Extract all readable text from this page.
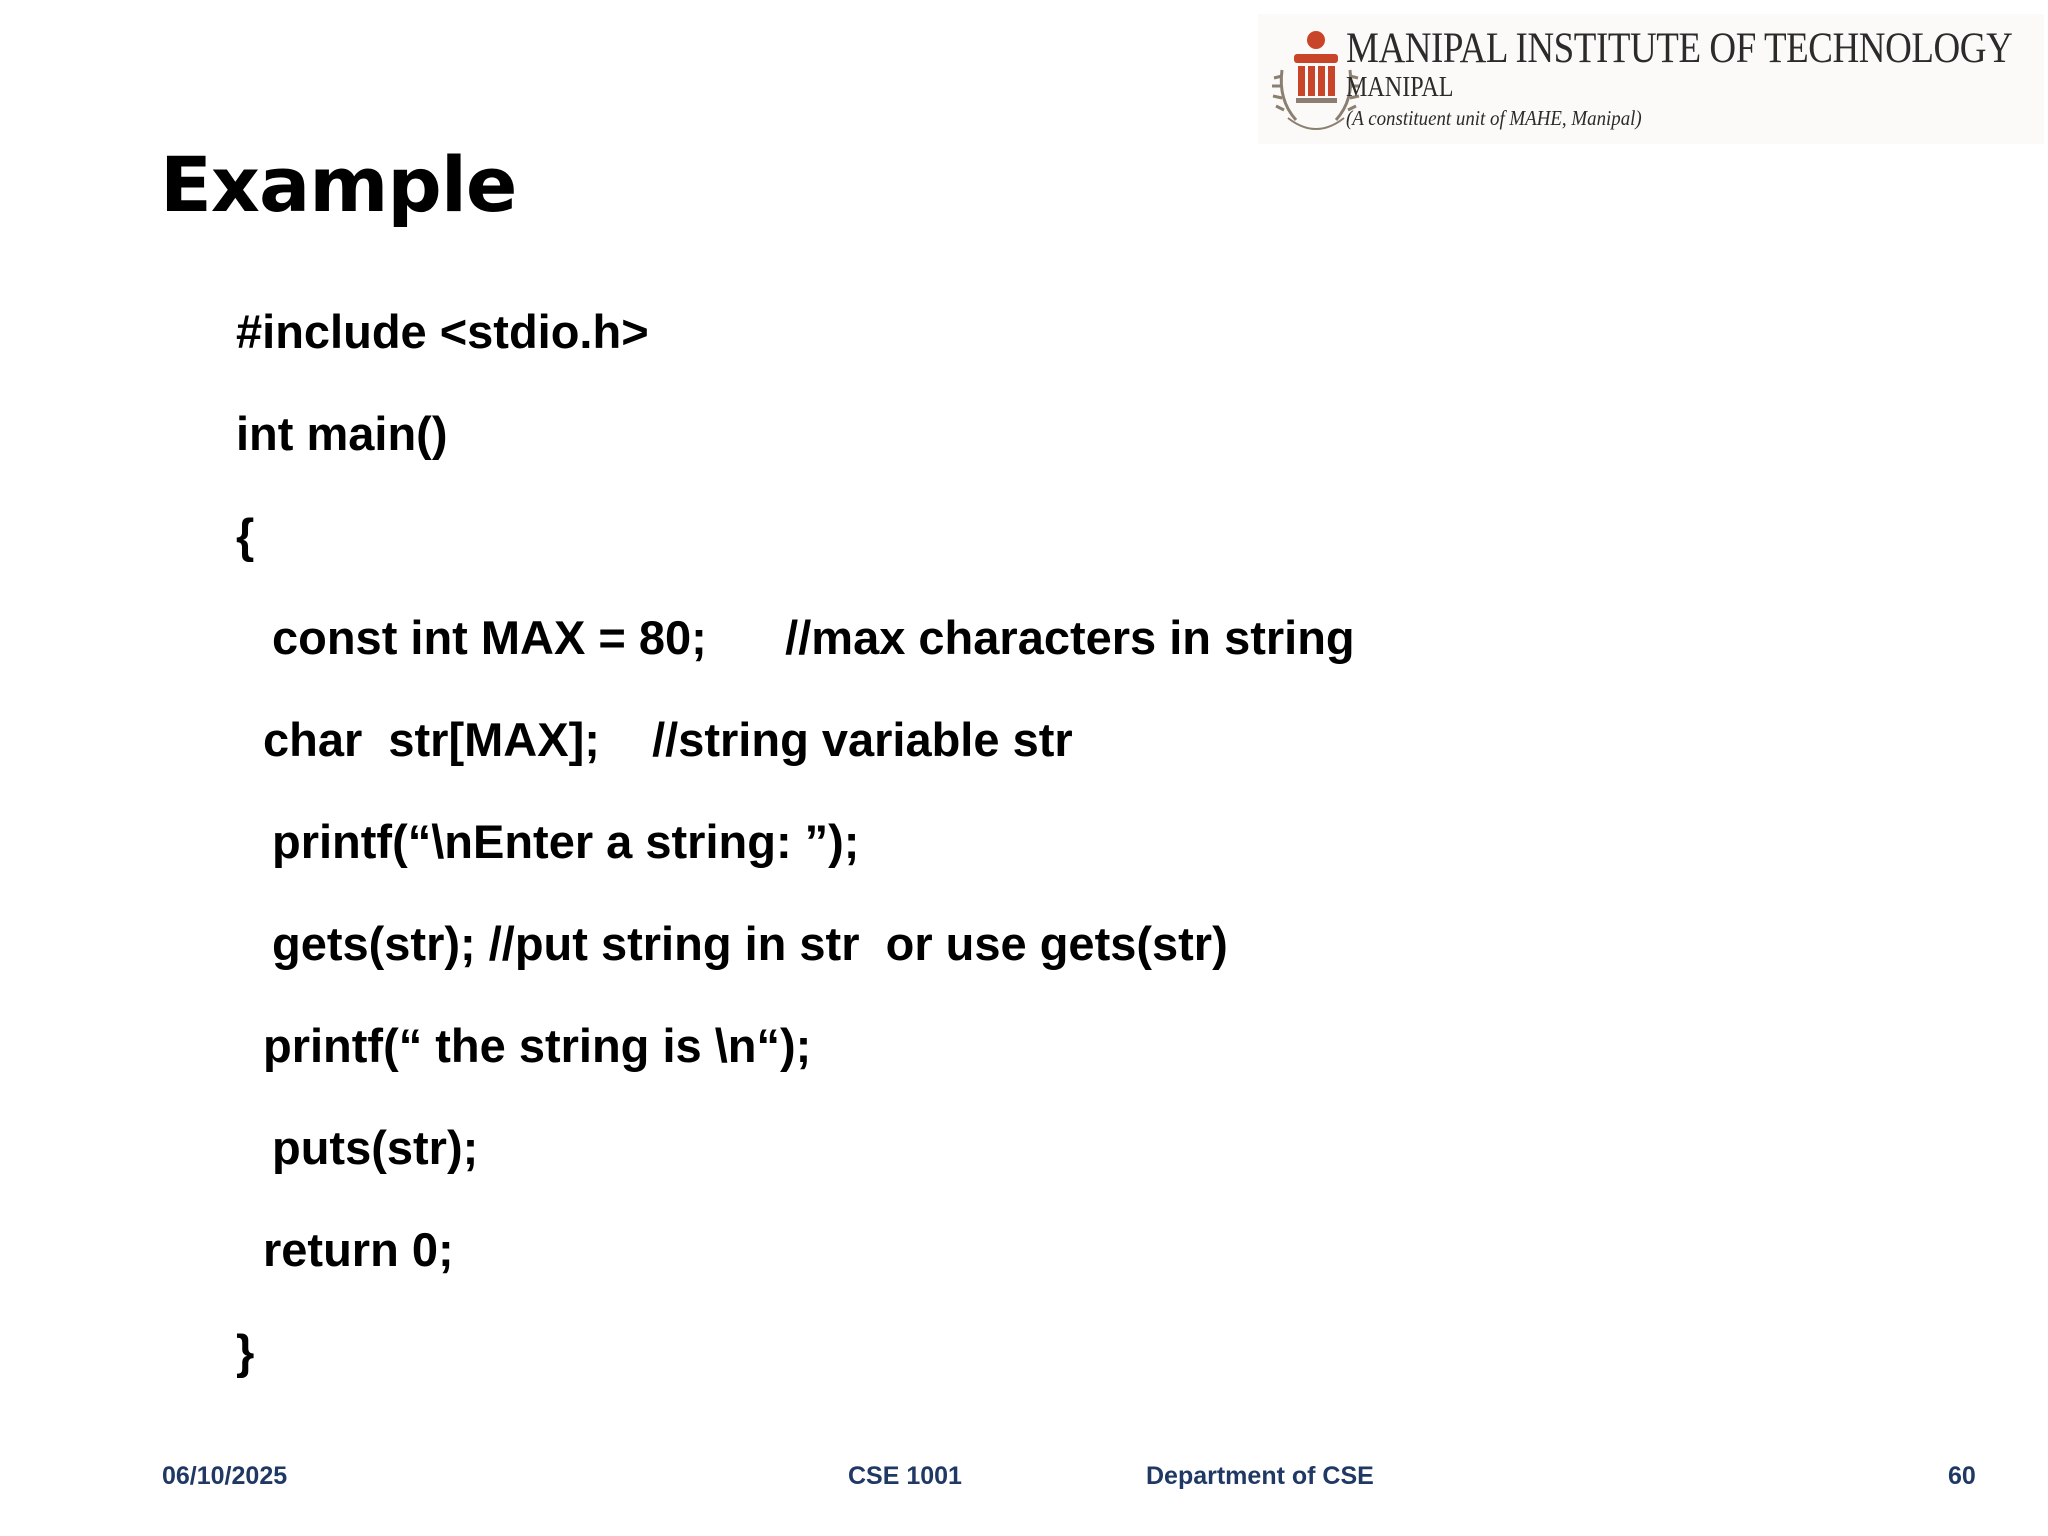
MANIPAL INSTITUTE OF TECHNOLOGY
MANIPAL
(A constituent unit of MAHE, Manipal)
Example
#include <stdio.h>
int main()
{
const int MAX = 80;      //max characters in string
char  str[MAX];    //string variable str
printf(“\nEnter a string: ”);
gets(str); //put string in str  or use gets(str)
printf(“ the string is \n“);
puts(str);
return 0;
}
06/10/2025	CSE 1001	Department of CSE	60
